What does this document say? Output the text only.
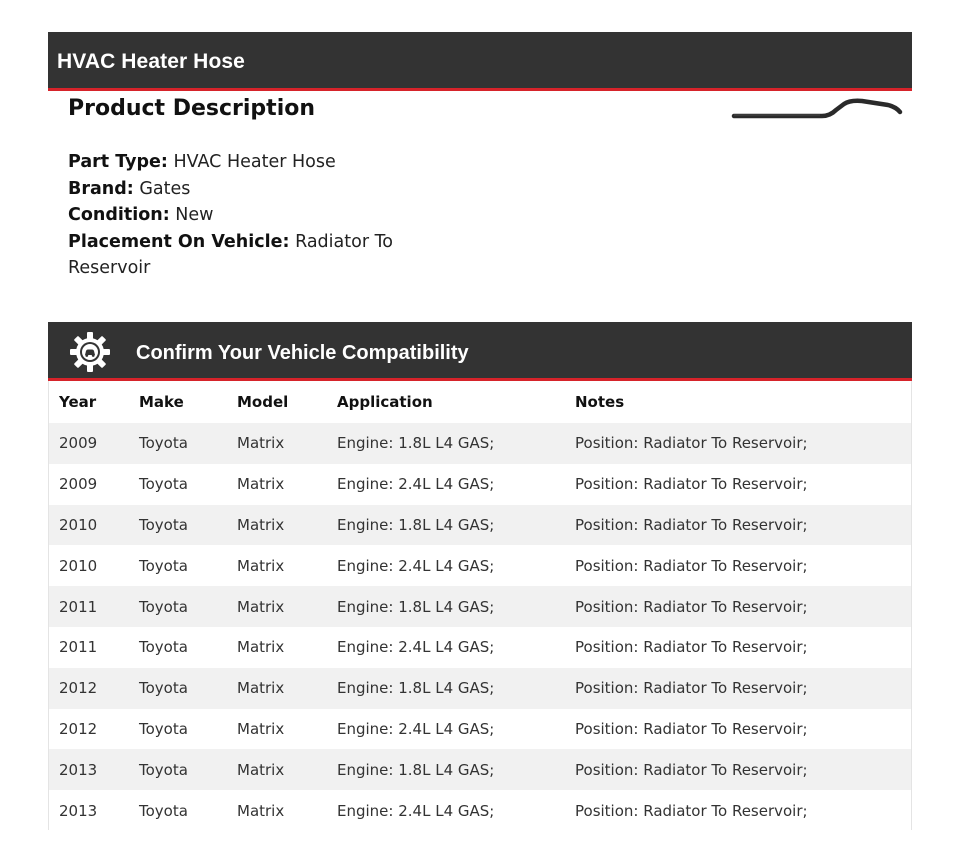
HVAC Heater Hose
Product Description
Part Type: HVAC Heater Hose
Brand: Gates
Condition: New
Placement On Vehicle: Radiator To Reservoir
Confirm Your Vehicle Compatibility
Year	Make	Model	Application	Notes
2009	Toyota	Matrix	Engine: 1.8L L4 GAS;	Position: Radiator To Reservoir;
2009	Toyota	Matrix	Engine: 2.4L L4 GAS;	Position: Radiator To Reservoir;
2010	Toyota	Matrix	Engine: 1.8L L4 GAS;	Position: Radiator To Reservoir;
2010	Toyota	Matrix	Engine: 2.4L L4 GAS;	Position: Radiator To Reservoir;
2011	Toyota	Matrix	Engine: 1.8L L4 GAS;	Position: Radiator To Reservoir;
2011	Toyota	Matrix	Engine: 2.4L L4 GAS;	Position: Radiator To Reservoir;
2012	Toyota	Matrix	Engine: 1.8L L4 GAS;	Position: Radiator To Reservoir;
2012	Toyota	Matrix	Engine: 2.4L L4 GAS;	Position: Radiator To Reservoir;
2013	Toyota	Matrix	Engine: 1.8L L4 GAS;	Position: Radiator To Reservoir;
2013	Toyota	Matrix	Engine: 2.4L L4 GAS;	Position: Radiator To Reservoir;
